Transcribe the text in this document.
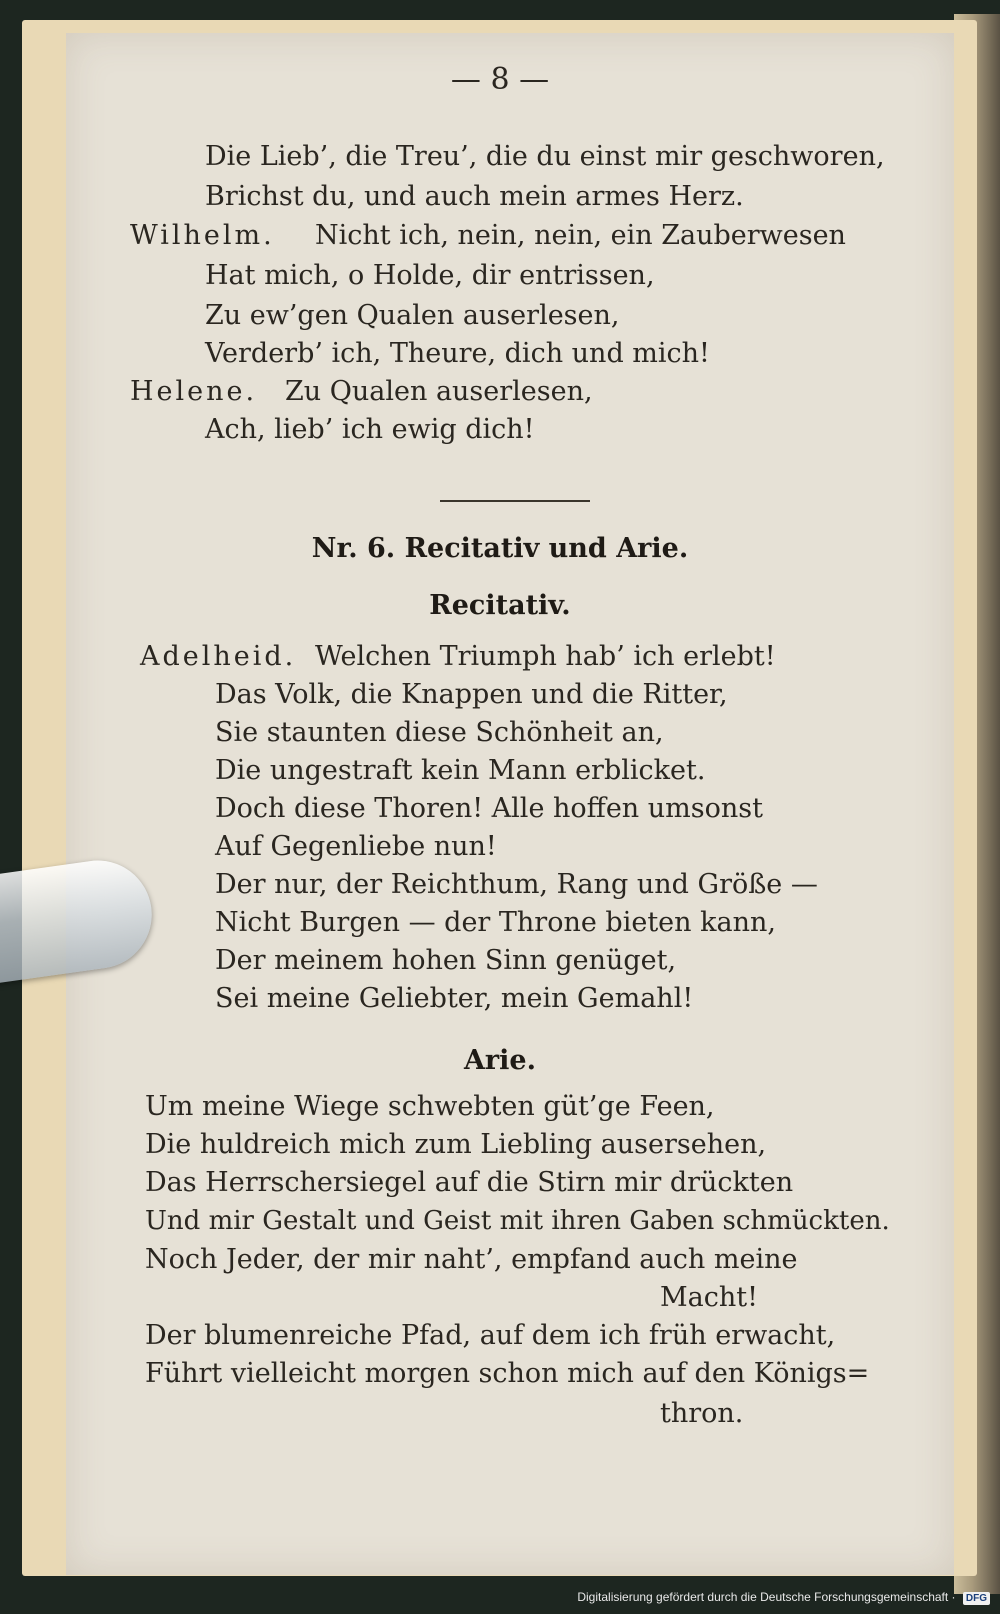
— 8 —
Die Lieb’, die Treu’, die du einst mir geschworen,
Brichst du, und auch mein armes Herz.
Wilhelm. Nicht ich, nein, nein, ein Zauberwesen
Hat mich, o Holde, dir entrissen,
Zu ew’gen Qualen auserlesen,
Verderb’ ich, Theure, dich und mich!
Helene. Zu Qualen auserlesen,
Ach, lieb’ ich ewig dich!
Nr. 6. Recitativ und Arie.
Recitativ.
Adelheid. Welchen Triumph hab’ ich erlebt!
Das Volk, die Knappen und die Ritter,
Sie staunten diese Schönheit an,
Die ungestraft kein Mann erblicket.
Doch diese Thoren! Alle hoffen umsonst
Auf Gegenliebe nun!
Der nur, der Reichthum, Rang und Größe —
Nicht Burgen — der Throne bieten kann,
Der meinem hohen Sinn genüget,
Sei meine Geliebter, mein Gemahl!
Arie.
Um meine Wiege schwebten güt’ge Feen,
Die huldreich mich zum Liebling ausersehen,
Das Herrschersiegel auf die Stirn mir drückten
Und mir Gestalt und Geist mit ihren Gaben schmückten.
Noch Jeder, der mir naht’, empfand auch meine
Macht!
Der blumenreiche Pfad, auf dem ich früh erwacht,
Führt vielleicht morgen schon mich auf den Königs=
thron.
Digitalisierung gefördert durch die Deutsche Forschungsgemeinschaft · DFG
